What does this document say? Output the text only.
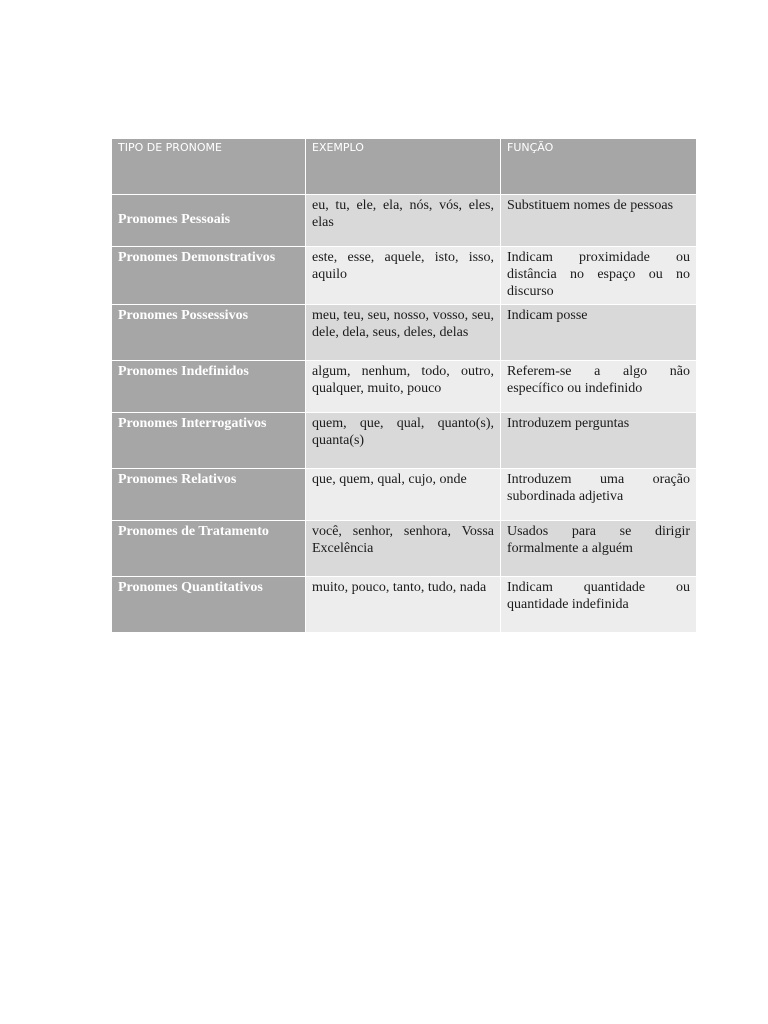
TIPO DE PRONOME	EXEMPLO	FUNÇÃO
Pronomes Pessoais	eu, tu, ele, ela, nós, vós, eles, elas	Substituem nomes de pessoas
Pronomes Demonstrativos	este, esse, aquele, isto, isso, aquilo	Indicam proximidade ou distância no espaço ou no discurso
Pronomes Possessivos	meu, teu, seu, nosso, vosso, seu, dele, dela, seus, deles, delas	Indicam posse
Pronomes Indefinidos	algum, nenhum, todo, outro, qualquer, muito, pouco	Referem-se a algo não específico ou indefinido
Pronomes Interrogativos	quem, que, qual, quanto(s), quanta(s)	Introduzem perguntas
Pronomes Relativos	que, quem, qual, cujo, onde	Introduzem uma oração subordinada adjetiva
Pronomes de Tratamento	você, senhor, senhora, Vossa Excelência	Usados para se dirigir formalmente a alguém
Pronomes Quantitativos	muito, pouco, tanto, tudo, nada	Indicam quantidade ou quantidade indefinida
